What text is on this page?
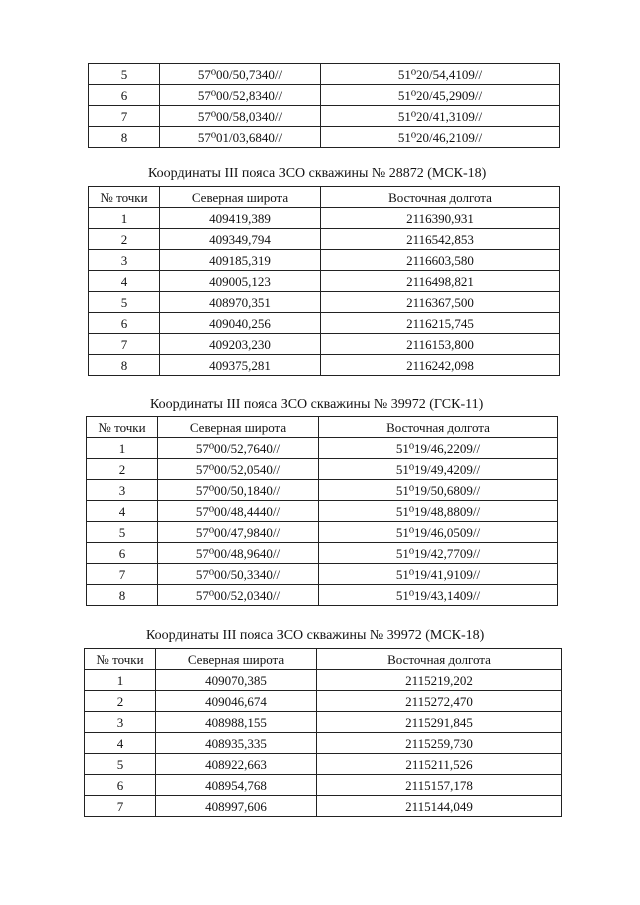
5	57⁰00/50,7340//	51⁰20/54,4109//
6	57⁰00/52,8340//	51⁰20/45,2909//
7	57⁰00/58,0340//	51⁰20/41,3109//
8	57⁰01/03,6840//	51⁰20/46,2109//
Координаты III пояса ЗСО скважины № 28872 (МСК-18)
№ точки	Северная широта	Восточная долгота
1	409419,389	2116390,931
2	409349,794	2116542,853
3	409185,319	2116603,580
4	409005,123	2116498,821
5	408970,351	2116367,500
6	409040,256	2116215,745
7	409203,230	2116153,800
8	409375,281	2116242,098
Координаты III пояса ЗСО скважины № 39972 (ГСК-11)
№ точки	Северная широта	Восточная долгота
1	57⁰00/52,7640//	51⁰19/46,2209//
2	57⁰00/52,0540//	51⁰19/49,4209//
3	57⁰00/50,1840//	51⁰19/50,6809//
4	57⁰00/48,4440//	51⁰19/48,8809//
5	57⁰00/47,9840//	51⁰19/46,0509//
6	57⁰00/48,9640//	51⁰19/42,7709//
7	57⁰00/50,3340//	51⁰19/41,9109//
8	57⁰00/52,0340//	51⁰19/43,1409//
Координаты III пояса ЗСО скважины № 39972 (МСК-18)
№ точки	Северная широта	Восточная долгота
1	409070,385	2115219,202
2	409046,674	2115272,470
3	408988,155	2115291,845
4	408935,335	2115259,730
5	408922,663	2115211,526
6	408954,768	2115157,178
7	408997,606	2115144,049
